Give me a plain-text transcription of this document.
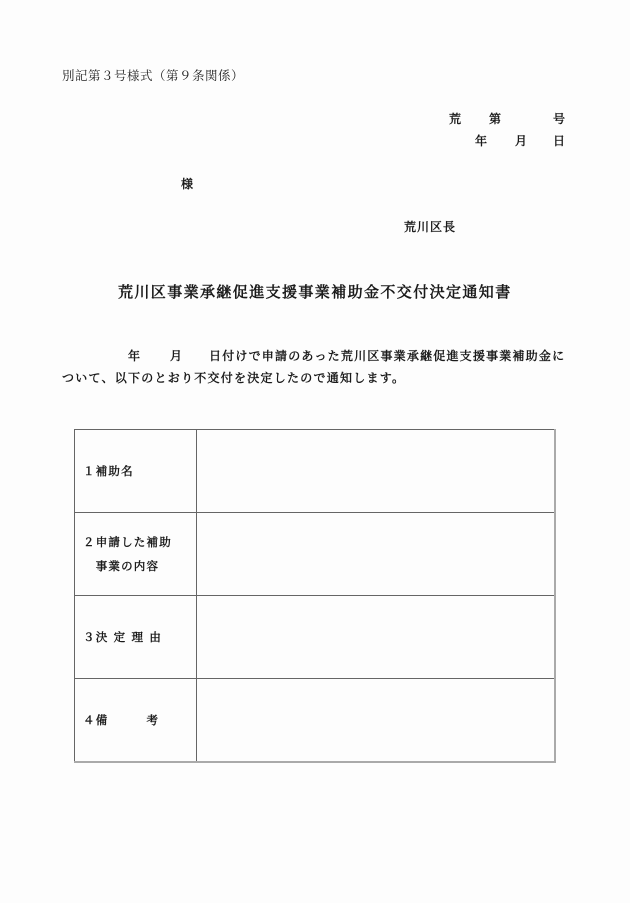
別記第３号様式（第９条関係）
荒 第	号
年 月 日
様
荒川区長
荒川区事業承継促進支援事業補助金不交付決定通知書
年 月 日付けで申請のあった荒川区事業承継促進支援事業補助金に
ついて、以下のとおり不交付を決定したので通知します。
１補助名	

２申請した補助
　事業の内容	

３決 定 理 由	

４備　　　考	
